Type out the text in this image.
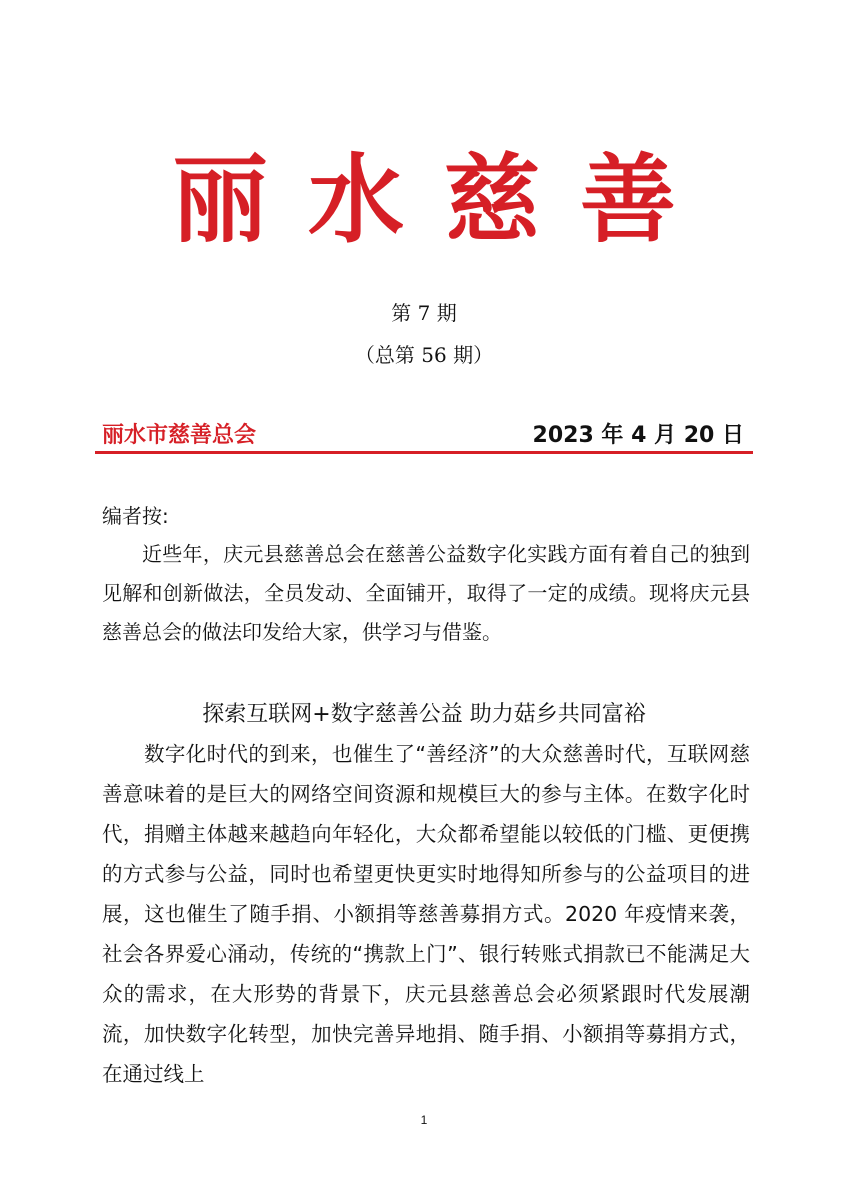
丽水慈善
第 7 期
（总第 56 期）
丽水市慈善总会	2023 年 4 月 20 日
编者按:
近些年，庆元县慈善总会在慈善公益数字化实践方面有着自己的独到见解和创新做法，全员发动、全面铺开，取得了一定的成绩。现将庆元县慈善总会的做法印发给大家，供学习与借鉴。
探索互联网+数字慈善公益 助力菇乡共同富裕
数字化时代的到来，也催生了“善经济”的大众慈善时代，互联网慈善意味着的是巨大的网络空间资源和规模巨大的参与主体。在数字化时代，捐赠主体越来越趋向年轻化，大众都希望能以较低的门槛、更便携的方式参与公益，同时也希望更快更实时地得知所参与的公益项目的进展，这也催生了随手捐、小额捐等慈善募捐方式。2020 年疫情来袭，社会各界爱心涌动，传统的“携款上门”、银行转账式捐款已不能满足大众的需求，在大形势的背景下，庆元县慈善总会必须紧跟时代发展潮流，加快数字化转型，加快完善异地捐、随手捐、小额捐等募捐方式，在通过线上
1
